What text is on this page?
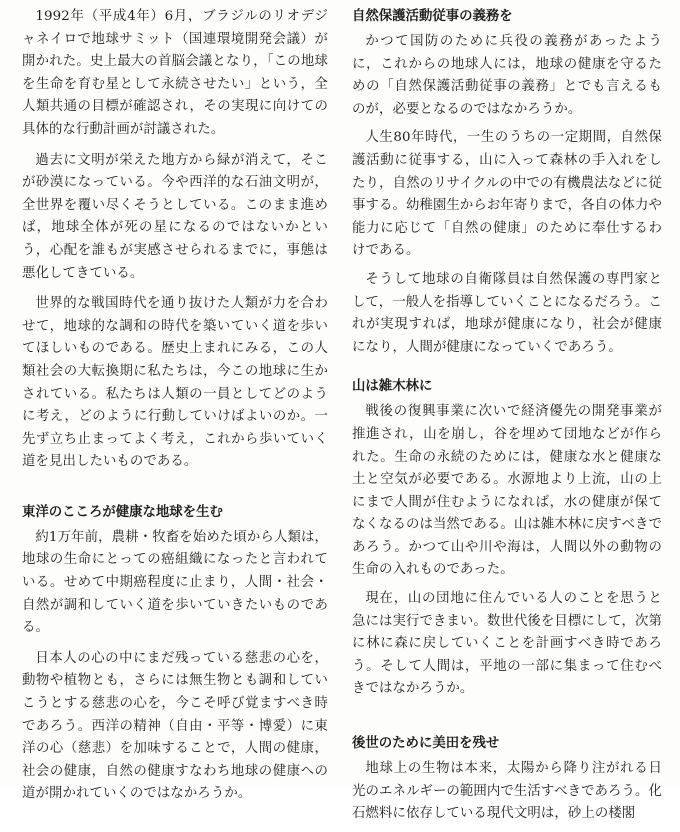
1992年（平成4年）6月，ブラジルのリオデジャネイロで地球サミット（国連環境開発会議）が開かれた。史上最大の首脳会議となり，「この地球を生命を育む星として永続させたい」という，全人類共通の目標が確認され，その実現に向けての具体的な行動計画が討議された。

過去に文明が栄えた地方から緑が消えて，そこが砂漠になっている。今や西洋的な石油文明が，全世界を覆い尽くそうとしている。このまま進めば，地球全体が死の星になるのではないかという，心配を誰もが実感させられるまでに，事態は悪化してきている。

世界的な戦国時代を通り抜けた人類が力を合わせて，地球的な調和の時代を築いていく道を歩いてほしいものである。歴史上まれにみる，この人類社会の大転換期に私たちは，今この地球に生かされている。私たちは人類の一員としてどのように考え，どのように行動していけばよいのか。一先ず立ち止まってよく考え，これから歩いていく道を見出したいものである。

東洋のこころが健康な地球を生む

約1万年前，農耕・牧畜を始めた頃から人類は，地球の生命にとっての癌組織になったと言われている。せめて中期癌程度に止まり，人間・社会・自然が調和していく道を歩いていきたいものである。

日本人の心の中にまだ残っている慈悲の心を，動物や植物とも，さらには無生物とも調和していこうとする慈悲の心を，今こそ呼び覚ますべき時であろう。西洋の精神（自由・平等・博愛）に東洋の心（慈悲）を加味することで，人間の健康，社会の健康，自然の健康すなわち地球の健康への道が開かれていくのではなかろうか。

自然保護活動従事の義務を

かつて国防のために兵役の義務があったように，これからの地球人には，地球の健康を守るための「自然保護活動従事の義務」とでも言えるものが，必要となるのではなかろうか。

人生80年時代，一生のうちの一定期間，自然保護活動に従事する，山に入って森林の手入れをしたり，自然のリサイクルの中での有機農法などに従事する。幼稚園生からお年寄りまで，各自の体力や能力に応じて「自然の健康」のために奉仕するわけである。

そうして地球の自衛隊員は自然保護の専門家として，一般人を指導していくことになるだろう。これが実現すれば，地球が健康になり，社会が健康になり，人間が健康になっていくであろう。

山は雑木林に

戦後の復興事業に次いで経済優先の開発事業が推進され，山を崩し，谷を埋めて団地などが作られた。生命の永続のためには，健康な水と健康な土と空気が必要である。水源地より上流，山の上にまで人間が住むようになれば，水の健康が保てなくなるのは当然である。山は雑木林に戻すべきであろう。かつて山や川や海は，人間以外の動物の生命の入れものであった。

現在，山の団地に住んでいる人のことを思うと急には実行できまい。数世代後を目標にして，次第に林に森に戻していくことを計画すべき時であろう。そして人間は，平地の一部に集まって住むべきではなかろうか。

後世のために美田を残せ

地球上の生物は本来，太陽から降り注がれる日光のエネルギーの範囲内で生活すべきであろう。化石燃料に依存している現代文明は，砂上の楼閣
